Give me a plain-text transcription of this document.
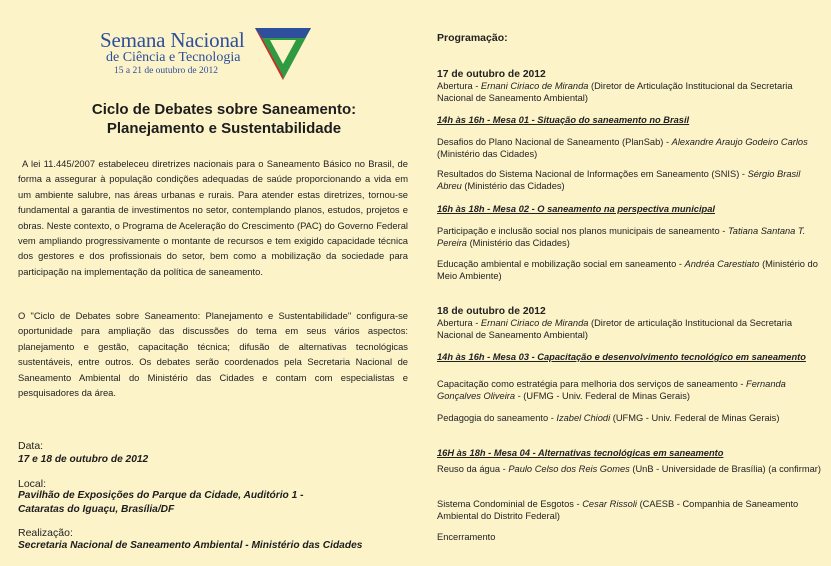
Semana Nacional
de Ciência e Tecnologia
15 a 21 de outubro de 2012
Ciclo de Debates sobre Saneamento:
Planejamento e Sustentabilidade
A lei 11.445/2007 estabeleceu diretrizes nacionais para o Saneamento Básico no Brasil, de forma a assegurar à população condições adequadas de saúde proporcionando a vida em um ambiente salubre, nas áreas urbanas e rurais. Para atender estas diretrizes, tornou-se fundamental a garantia de investimentos no setor, contemplando planos, estudos, projetos e obras. Neste contexto, o Programa de Aceleração do Crescimento (PAC) do Governo Federal vem ampliando progressivamente o montante de recursos e tem exigido capacidade técnica dos gestores e dos profissionais do setor, bem como a mobilização da sociedade para participação na implementação da política de saneamento.
O "Ciclo de Debates sobre Saneamento: Planejamento e Sustentabilidade" configura-se oportunidade para ampliação das discussões do tema em seus vários aspectos: planejamento e gestão, capacitação técnica; difusão de alternativas tecnológicas sustentáveis, entre outros. Os debates serão coordenados pela Secretaria Nacional de Saneamento Ambiental do Ministério das Cidades e contam com especialistas e pesquisadores da área.
Data:
17 e 18 de outubro de 2012
Local:
Pavilhão de Exposições do Parque da Cidade, Auditório 1 -
Cataratas do Iguaçu, Brasília/DF
Realização:
Secretaria Nacional de Saneamento Ambiental - Ministério das Cidades
Programação:
17 de outubro de 2012
Abertura - Ernani Ciriaco de Miranda (Diretor de Articulação Institucional da Secretaria Nacional de Saneamento Ambiental)
14h às 16h - Mesa 01 - Situação do saneamento no Brasil
Desafios do Plano Nacional de Saneamento (PlanSab) - Alexandre Araujo Godeiro Carlos (Ministério das Cidades)
Resultados do Sistema Nacional de Informações em Saneamento (SNIS) - Sérgio Brasil Abreu (Ministério das Cidades)
16h às 18h - Mesa 02 - O saneamento na perspectiva municipal
Participação e inclusão social nos planos municipais de saneamento - Tatiana Santana T. Pereira (Ministério das Cidades)
Educação ambiental e mobilização social em saneamento - Andréa Carestiato (Ministério do Meio Ambiente)
18 de outubro de 2012
Abertura - Ernani Ciriaco de Miranda (Diretor de articulação Institucional da Secretaria Nacional de Saneamento Ambiental)
14h às 16h - Mesa 03 - Capacitação e desenvolvimento tecnológico em saneamento
Capacitação como estratégia para melhoria dos serviços de saneamento - Fernanda Gonçalves Oliveira - (UFMG - Univ. Federal de Minas Gerais)
Pedagogia do saneamento - Izabel Chiodi (UFMG - Univ. Federal de Minas Gerais)
16H às 18h - Mesa 04 - Alternativas tecnológicas em saneamento
Reuso da água - Paulo Celso dos Reis Gomes (UnB - Universidade de Brasília) (a confirmar)
Sistema Condominial de Esgotos - Cesar Rissoli (CAESB - Companhia de Saneamento Ambiental do Distrito Federal)
Encerramento
